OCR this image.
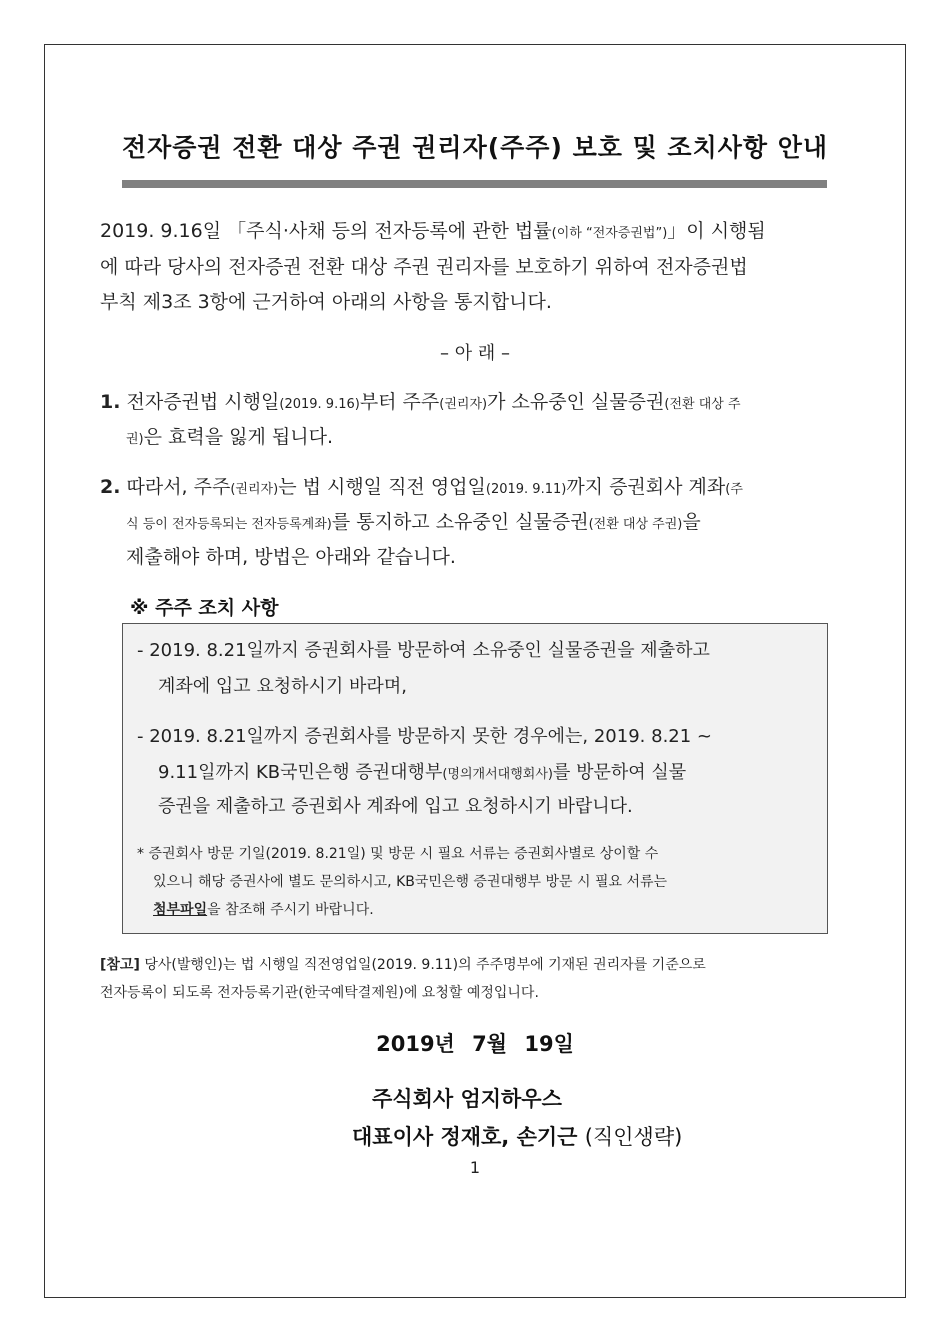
전자증권 전환 대상 주권 권리자(주주) 보호 및 조치사항 안내
2019. 9.16일 「주식·사채 등의 전자등록에 관한 법률(이하 “전자증권법”)」이 시행됨
에 따라 당사의 전자증권 전환 대상 주권 권리자를 보호하기 위하여 전자증권법
부칙 제3조 3항에 근거하여 아래의 사항을 통지합니다.
– 아 래 –
1. 전자증권법 시행일(2019. 9.16)부터 주주(권리자)가 소유중인 실물증권(전환 대상 주
권)은 효력을 잃게 됩니다.
2. 따라서, 주주(권리자)는 법 시행일 직전 영업일(2019. 9.11)까지 증권회사 계좌(주
식 등이 전자등록되는 전자등록계좌)를 통지하고 소유중인 실물증권(전환 대상 주권)을
제출해야 하며, 방법은 아래와 같습니다.
※ 주주 조치 사항
- 2019. 8.21일까지 증권회사를 방문하여 소유중인 실물증권을 제출하고
계좌에 입고 요청하시기 바라며,
- 2019. 8.21일까지 증권회사를 방문하지 못한 경우에는, 2019. 8.21 ~
9.11일까지 KB국민은행 증권대행부(명의개서대행회사)를 방문하여 실물
증권을 제출하고 증권회사 계좌에 입고 요청하시기 바랍니다.
* 증권회사 방문 기일(2019. 8.21일) 및 방문 시 필요 서류는 증권회사별로 상이할 수
있으니 해당 증권사에 별도 문의하시고, KB국민은행 증권대행부 방문 시 필요 서류는
첨부파일을 참조해 주시기 바랍니다.
[참고] 당사(발행인)는 법 시행일 직전영업일(2019. 9.11)의 주주명부에 기재된 권리자를 기준으로
전자등록이 되도록 전자등록기관(한국예탁결제원)에 요청할 예정입니다.
2019년 7월 19일
주식회사 엄지하우스
대표이사 정재호, 손기근 (직인생략)
1
